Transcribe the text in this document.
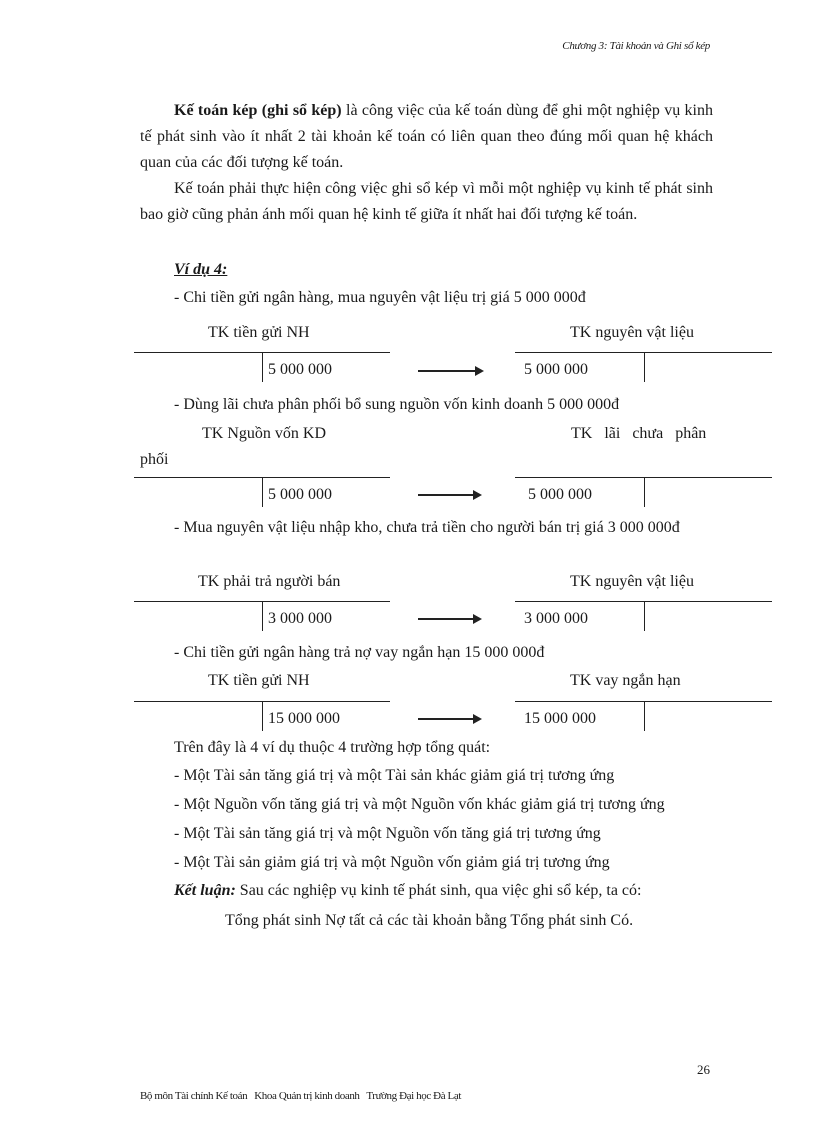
Chương 3: Tài khoản và Ghi sổ kép
Kế toán kép (ghi sổ kép) là công việc của kế toán dùng để ghi một nghiệp vụ kinh tế phát sinh vào ít nhất 2 tài khoản kế toán có liên quan theo đúng mối quan hệ khách quan của các đối tượng kế toán.
Kế toán phải thực hiện công việc ghi sổ kép vì mỗi một nghiệp vụ kinh tế phát sinh bao giờ cũng phản ánh mối quan hệ kinh tế giữa ít nhất hai đối tượng kế toán.
Ví dụ 4:
- Chi tiền gửi ngân hàng, mua nguyên vật liệu trị giá 5 000 000đ
TK tiền gửi NH	TK nguyên vật liệu
5 000 000	5 000 000
- Dùng lãi chưa phân phối bổ sung nguồn vốn kinh doanh 5 000 000đ
TK Nguồn vốn KD	TK   lãi   chưa   phân
phối
5 000 000	5 000 000
- Mua nguyên vật liệu nhập kho, chưa trả tiền cho người bán trị giá 3 000 000đ
TK phải trả người bán	TK nguyên vật liệu
3 000 000	3 000 000
- Chi tiền gửi ngân hàng trả nợ vay ngắn hạn 15 000 000đ
TK tiền gửi NH	TK vay ngắn hạn
15 000 000	15 000 000
Trên đây là 4 ví dụ thuộc 4 trường hợp tổng quát:
- Một Tài sản tăng giá trị và một Tài sản khác giảm giá trị tương ứng
- Một Nguồn vốn tăng giá trị và một Nguồn vốn khác giảm giá trị tương ứng
- Một Tài sản tăng giá trị và một Nguồn vốn tăng giá trị tương ứng
- Một Tài sản giảm giá trị và một Nguồn vốn giảm giá trị tương ứng
Kết luận: Sau các nghiệp vụ kinh tế phát sinh, qua việc ghi sổ kép, ta có:
Tổng phát sinh Nợ tất cả các tài khoản bằng Tổng phát sinh Có.
26
Bộ môn Tài chính Kế toán   Khoa Quản trị kinh doanh   Trường Đại học Đà Lạt
